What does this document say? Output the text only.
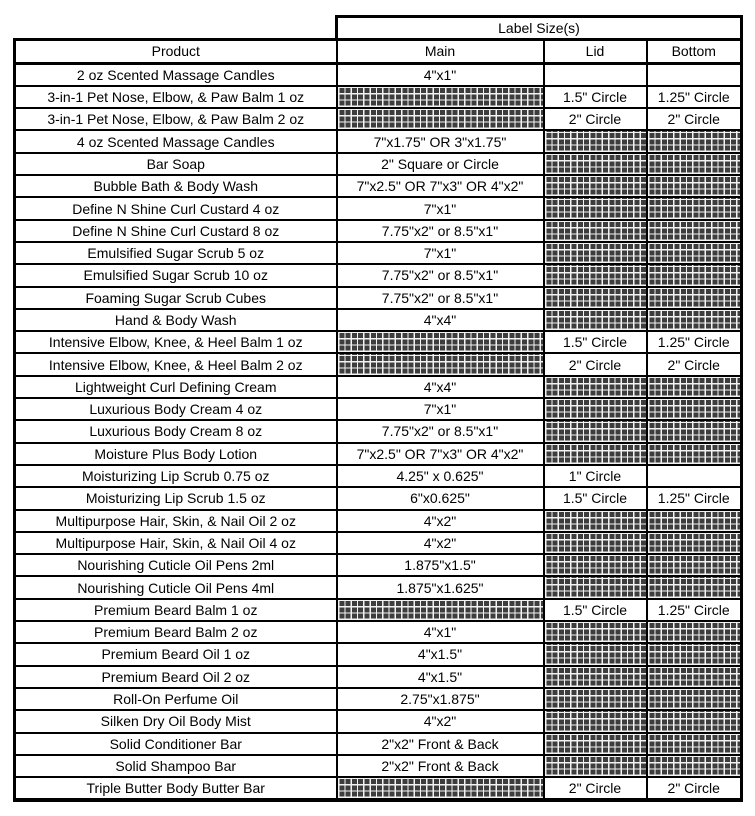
	Label Size(s)		
Product	Main	Lid	Bottom
2 oz Scented Massage Candles	4"x1"		
3-in-1 Pet Nose, Elbow, & Paw Balm 1 oz		1.5" Circle	1.25" Circle
3-in-1 Pet Nose, Elbow, & Paw Balm 2 oz		2" Circle	2" Circle
4 oz Scented Massage Candles	7"x1.75" OR 3"x1.75"		
Bar Soap	2" Square or Circle		
Bubble Bath & Body Wash	7"x2.5" OR 7"x3" OR 4"x2"		
Define N Shine Curl Custard 4 oz	7"x1"		
Define N Shine Curl Custard 8 oz	7.75"x2" or 8.5"x1"		
Emulsified Sugar Scrub 5 oz	7"x1"		
Emulsified Sugar Scrub 10 oz	7.75"x2" or 8.5"x1"		
Foaming Sugar Scrub Cubes	7.75"x2" or 8.5"x1"		
Hand & Body Wash	4"x4"		
Intensive Elbow, Knee, & Heel Balm 1 oz		1.5" Circle	1.25" Circle
Intensive Elbow, Knee, & Heel Balm 2 oz		2" Circle	2" Circle
Lightweight Curl Defining Cream	4"x4"		
Luxurious Body Cream 4 oz	7"x1"		
Luxurious Body Cream 8 oz	7.75"x2" or 8.5"x1"		
Moisture Plus Body Lotion	7"x2.5" OR 7"x3" OR 4"x2"		
Moisturizing Lip Scrub 0.75 oz	4.25" x 0.625"	1" Circle	
Moisturizing Lip Scrub 1.5 oz	6"x0.625"	1.5" Circle	1.25" Circle
Multipurpose Hair, Skin, & Nail Oil 2 oz	4"x2"		
Multipurpose Hair, Skin, & Nail Oil 4 oz	4"x2"		
Nourishing Cuticle Oil Pens 2ml	1.875"x1.5"		
Nourishing Cuticle Oil Pens 4ml	1.875"x1.625"		
Premium Beard Balm 1 oz		1.5" Circle	1.25" Circle
Premium Beard Balm 2 oz	4"x1"		
Premium Beard Oil 1 oz	4"x1.5"		
Premium Beard Oil 2 oz	4"x1.5"		
Roll-On Perfume Oil	2.75"x1.875"		
Silken Dry Oil Body Mist	4"x2"		
Solid Conditioner Bar	2"x2" Front & Back		
Solid Shampoo Bar	2"x2" Front & Back		
Triple Butter Body Butter Bar		2" Circle	2" Circle
